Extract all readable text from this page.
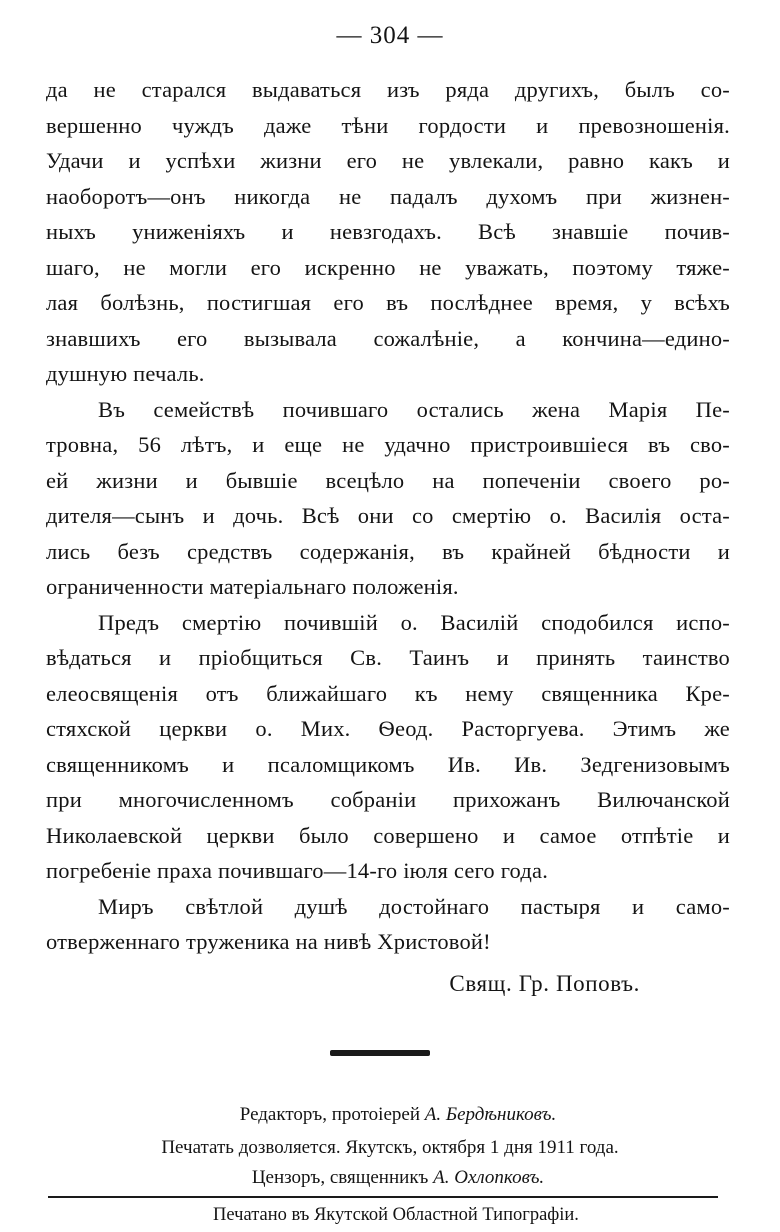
— 304 —
да не старался выдаваться изъ ряда другихъ, былъ со-
вершенно чуждъ даже тѣни гордости и превозношенія.
Удачи и успѣхи жизни его не увлекали, равно какъ и
наоборотъ—онъ никогда не падалъ духомъ при жизнен-
ныхъ униженіяхъ и невзгодахъ. Всѣ знавшіе почив-
шаго, не могли его искренно не уважать, поэтому тяже-
лая болѣзнь, постигшая его въ послѣднее время, у всѣхъ
знавшихъ его вызывала сожалѣніе, а кончина—едино-
душную печаль.
Въ семействѣ почившаго остались жена Марія Пе-
тровна, 56 лѣтъ, и еще не удачно пристроившіеся въ сво-
ей жизни и бывшіе всецѣло на попеченіи своего ро-
дителя—сынъ и дочь. Всѣ они со смертію о. Василія оста-
лись безъ средствъ содержанія, въ крайней бѣдности и
ограниченности матеріальнаго положенія.
Предъ смертію почившій о. Василій сподобился испо-
вѣдаться и пріобщиться Св. Таинъ и принять таинство
елеосвященія отъ ближайшаго къ нему священника Кре-
стяхской церкви о. Мих. Ѳеод. Расторгуева. Этимъ же
священникомъ и псаломщикомъ Ив. Ив. Зедгенизовымъ
при многочисленномъ собраніи прихожанъ Вилючанской
Николаевской церкви было совершено и самое отпѣтіе и
погребеніе праха почившаго—14-го іюля сего года.
Миръ свѣтлой душѣ достойнаго пастыря и само-
отверженнаго труженика на нивѣ Христовой!
Свящ. Гр. Поповъ.
Редакторъ, протоіерей А. Бердѣниковъ.
Печатать дозволяется. Якутскъ, октября 1 дня 1911 года.
Цензоръ, священникъ А. Охлопковъ.
Печатано въ Якутской Областной Типографіи.
